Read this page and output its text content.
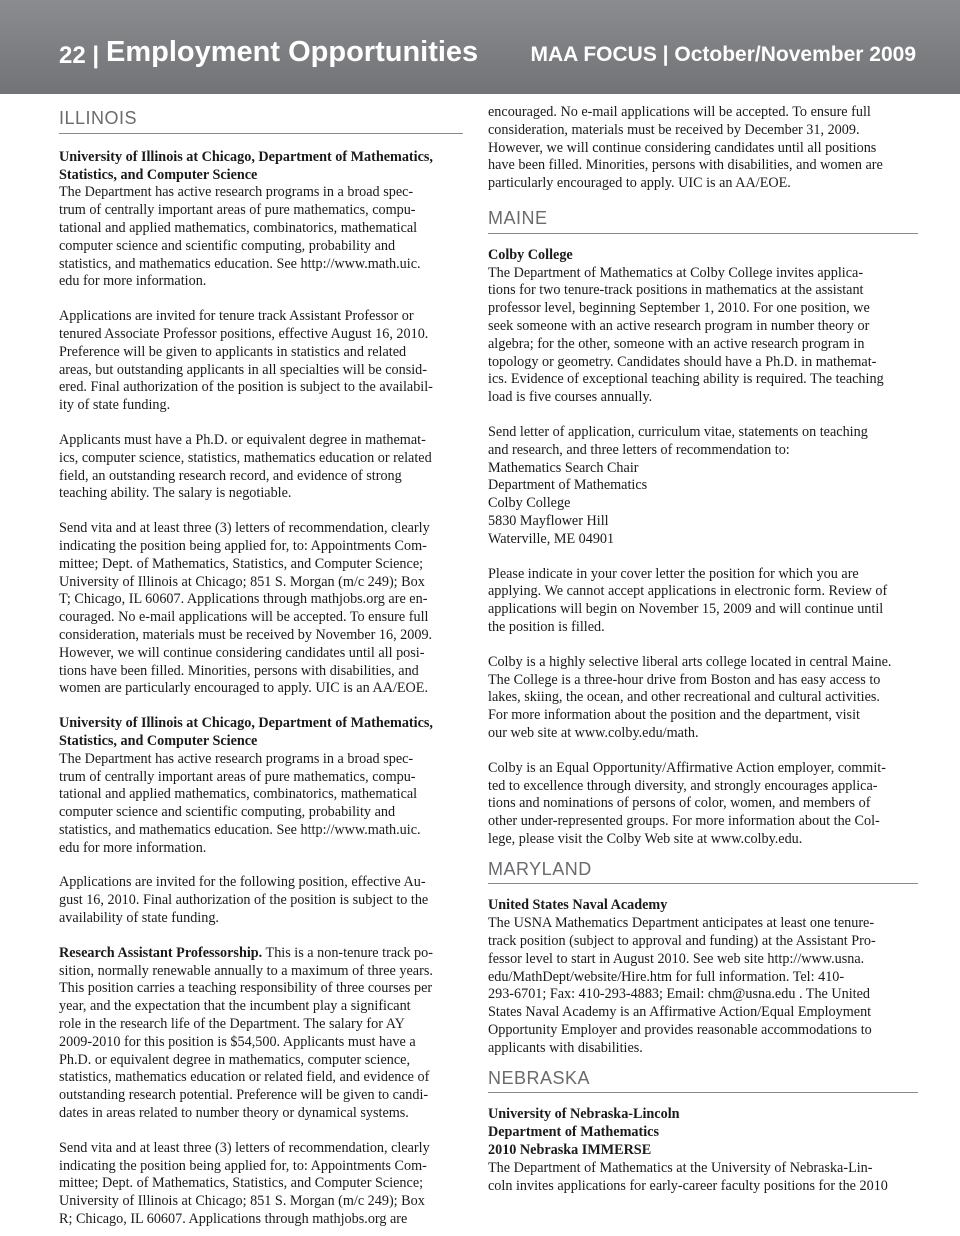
22 | Employment Opportunities MAA FOCUS | October/November 2009
ILLINOIS
University of Illinois at Chicago, Department of Mathematics,
Statistics, and Computer Science
The Department has active research programs in a broad spec-
trum of centrally important areas of pure mathematics, compu-
tational and applied mathematics, combinatorics, mathematical
computer science and scientific computing, probability and
statistics, and mathematics education. See http://www.math.uic.
edu for more information.
Applications are invited for tenure track Assistant Professor or
tenured Associate Professor positions, effective August 16, 2010.
Preference will be given to applicants in statistics and related
areas, but outstanding applicants in all specialties will be consid-
ered. Final authorization of the position is subject to the availabil-
ity of state funding.
Applicants must have a Ph.D. or equivalent degree in mathemat-
ics, computer science, statistics, mathematics education or related
field, an outstanding research record, and evidence of strong
teaching ability. The salary is negotiable.
Send vita and at least three (3) letters of recommendation, clearly
indicating the position being applied for, to: Appointments Com-
mittee; Dept. of Mathematics, Statistics, and Computer Science;
University of Illinois at Chicago; 851 S. Morgan (m/c 249); Box
T; Chicago, IL 60607. Applications through mathjobs.org are en-
couraged. No e-mail applications will be accepted. To ensure full
consideration, materials must be received by November 16, 2009.
However, we will continue considering candidates until all posi-
tions have been filled. Minorities, persons with disabilities, and
women are particularly encouraged to apply. UIC is an AA/EOE.
University of Illinois at Chicago, Department of Mathematics,
Statistics, and Computer Science
The Department has active research programs in a broad spec-
trum of centrally important areas of pure mathematics, compu-
tational and applied mathematics, combinatorics, mathematical
computer science and scientific computing, probability and
statistics, and mathematics education. See http://www.math.uic.
edu for more information.
Applications are invited for the following position, effective Au-
gust 16, 2010. Final authorization of the position is subject to the
availability of state funding.
Research Assistant Professorship. This is a non-tenure track po-
sition, normally renewable annually to a maximum of three years.
This position carries a teaching responsibility of three courses per
year, and the expectation that the incumbent play a significant
role in the research life of the Department. The salary for AY
2009-2010 for this position is $54,500. Applicants must have a
Ph.D. or equivalent degree in mathematics, computer science,
statistics, mathematics education or related field, and evidence of
outstanding research potential. Preference will be given to candi-
dates in areas related to number theory or dynamical systems.
Send vita and at least three (3) letters of recommendation, clearly
indicating the position being applied for, to: Appointments Com-
mittee; Dept. of Mathematics, Statistics, and Computer Science;
University of Illinois at Chicago; 851 S. Morgan (m/c 249); Box
R; Chicago, IL 60607. Applications through mathjobs.org are
encouraged. No e-mail applications will be accepted. To ensure full
consideration, materials must be received by December 31, 2009.
However, we will continue considering candidates until all positions
have been filled. Minorities, persons with disabilities, and women are
particularly encouraged to apply. UIC is an AA/EOE.
MAINE
Colby College
The Department of Mathematics at Colby College invites applica-
tions for two tenure-track positions in mathematics at the assistant
professor level, beginning September 1, 2010. For one position, we
seek someone with an active research program in number theory or
algebra; for the other, someone with an active research program in
topology or geometry. Candidates should have a Ph.D. in mathemat-
ics. Evidence of exceptional teaching ability is required. The teaching
load is five courses annually.
Send letter of application, curriculum vitae, statements on teaching
and research, and three letters of recommendation to:
Mathematics Search Chair
Department of Mathematics
Colby College
5830 Mayflower Hill
Waterville, ME 04901
Please indicate in your cover letter the position for which you are
applying. We cannot accept applications in electronic form. Review of
applications will begin on November 15, 2009 and will continue until
the position is filled.
Colby is a highly selective liberal arts college located in central Maine.
The College is a three-hour drive from Boston and has easy access to
lakes, skiing, the ocean, and other recreational and cultural activities.
For more information about the position and the department, visit
our web site at www.colby.edu/math.
Colby is an Equal Opportunity/Affirmative Action employer, commit-
ted to excellence through diversity, and strongly encourages applica-
tions and nominations of persons of color, women, and members of
other under-represented groups. For more information about the Col-
lege, please visit the Colby Web site at www.colby.edu.
MARYLAND
United States Naval Academy
The USNA Mathematics Department anticipates at least one tenure-
track position (subject to approval and funding) at the Assistant Pro-
fessor level to start in August 2010. See web site http://www.usna.
edu/MathDept/website/Hire.htm for full information. Tel: 410-
293-6701; Fax: 410-293-4883; Email: chm@usna.edu . The United
States Naval Academy is an Affirmative Action/Equal Employment
Opportunity Employer and provides reasonable accommodations to
applicants with disabilities.
NEBRASKA
University of Nebraska-Lincoln
Department of Mathematics
2010 Nebraska IMMERSE
The Department of Mathematics at the University of Nebraska-Lin-
coln invites applications for early-career faculty positions for the 2010
